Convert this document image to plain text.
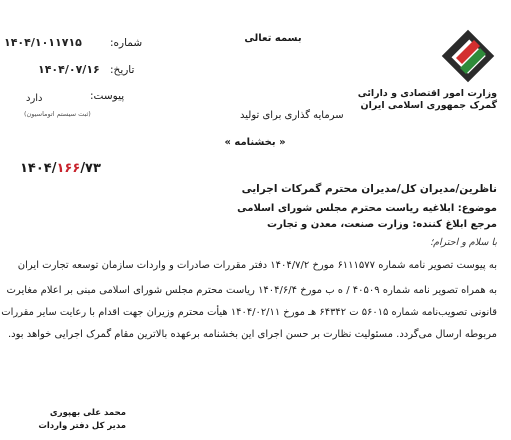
بسمه تعالی
وزارت امور اقتصادی و دارائی
گمرک جمهوری اسلامی ایران
سرمایه گذاری برای تولید
شماره:
۱۴۰۴/۱۰۱۱۷۱۵
تاریخ:
۱۴۰۴/۰۷/۱۶
پیوست:
دارد
(ثبت سیستم اتوماسیون)
« بخشنامه »
۱۴۰۴/۱۶۶/۷۳
ناظرین/مدیران کل/مدیران محترم گمرکات اجرایی
موضوع: ابلاغیه ریاست محترم مجلس شورای اسلامی
مرجع ابلاغ کننده: وزارت صنعت، معدن و تجارت
با سلام و احترام؛
به پیوست تصویر نامه شماره ۶۱۱۱۵۷۷ مورخ ۱۴۰۴/۷/۲ دفتر مقررات صادرات و واردات سازمان توسعه تجارت ایران
به همراه تصویر نامه شماره ۴۰۵۰۹ / ه ب مورخ ۱۴۰۴/۶/۴ ریاست محترم مجلس شورای اسلامی مبنی بر اعلام مغایرت
قانونی تصویب‌نامه شماره ۵۶۰۱۵ ت ۶۴۳۴۲ هـ مورخ ۱۴۰۴/۰۲/۱۱ هیأت محترم وزیران جهت اقدام با رعایت سایر مقررات
مربوطه ارسال می‌گردد. مسئولیت نظارت بر حسن اجرای این بخشنامه برعهده بالاترین مقام گمرک اجرایی خواهد بود.
محمد علی بهپوری
مدیر کل دفتر واردات
